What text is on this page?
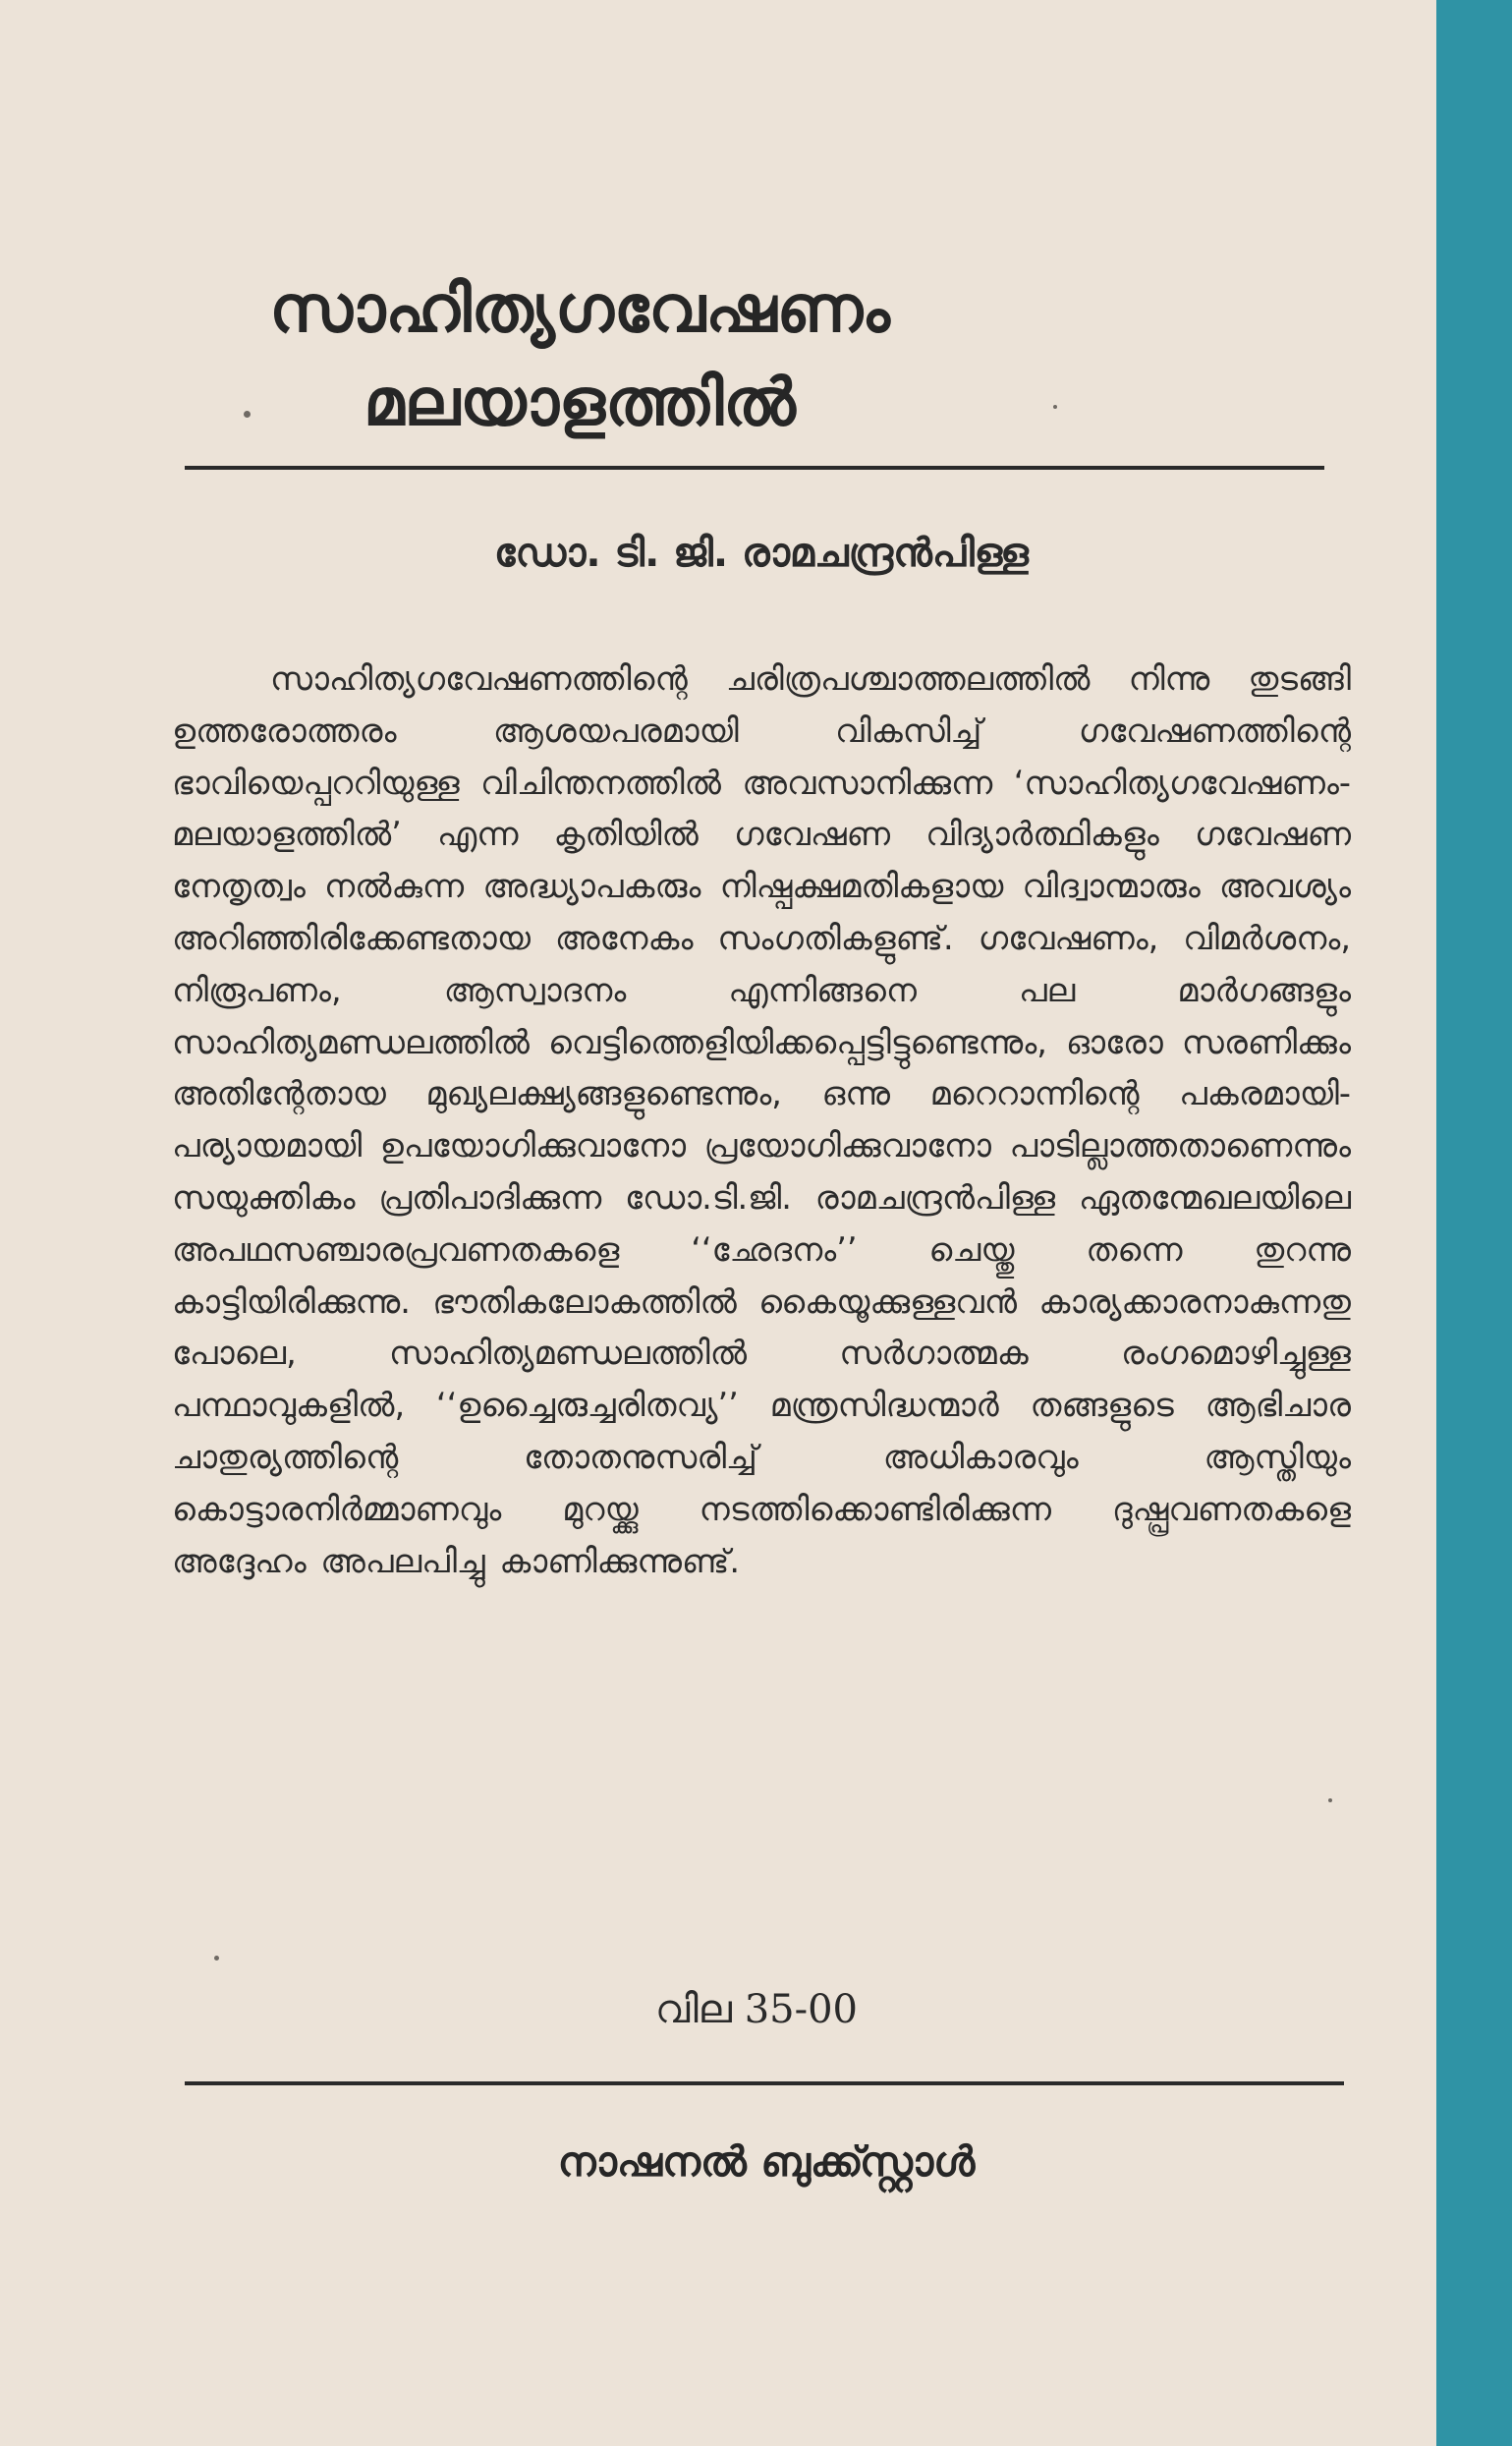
സാഹിത്യഗവേഷണം
മലയാളത്തിൽ
ഡോ. ടി. ജി. രാമചന്ദ്രൻപിള്ള

സാഹിത്യഗവേഷണത്തിന്റെ ചരിത്രപശ്ചാത്തലത്തിൽ നിന്നു തുടങ്ങി ഉത്തരോത്തരം ആശയപരമായി വികസിച്ച് ഗവേഷണത്തിന്റെ ഭാവിയെപ്പററിയുള്ള വിചിന്തനത്തിൽ അവസാനിക്കുന്ന ‘സാഹിത്യഗവേഷണം-മലയാളത്തിൽ’ എന്ന കൃതിയിൽ ഗവേഷണ വിദ്യാർത്ഥികളും ഗവേഷണ നേതൃത്വം നൽകുന്ന അദ്ധ്യാപകരും നിഷ്പക്ഷമതികളായ വിദ്വാന്മാരും അവശ്യം അറിഞ്ഞിരിക്കേണ്ടതായ അനേകം സംഗതികളുണ്ട്. ഗവേഷണം, വിമർശനം, നിരൂപണം, ആസ്വാദനം എന്നിങ്ങനെ പല മാർഗങ്ങളും സാഹിത്യമണ്ഡലത്തിൽ വെട്ടിത്തെളിയിക്കപ്പെട്ടിട്ടുണ്ടെന്നും, ഓരോ സരണിക്കും അതിന്റേതായ മുഖ്യലക്ഷ്യങ്ങളുണ്ടെന്നും, ഒന്നു മറെറാന്നിന്റെ പകരമായി-പര്യായമായി ഉപയോഗിക്കുവാനോ പ്രയോഗിക്കുവാനോ പാടില്ലാത്തതാണെന്നും സയുക്തികം പ്രതിപാദിക്കുന്ന ഡോ.ടി.ജി. രാമചന്ദ്രൻപിള്ള ഏതന്മേഖലയിലെ അപഥസഞ്ചാരപ്രവണതകളെ ‘‘ഛേദനം’’ ചെയ്തു തന്നെ തുറന്നു കാട്ടിയിരിക്കുന്നു. ഭൗതികലോകത്തിൽ കൈയൂക്കുള്ളവൻ കാര്യക്കാരനാകുന്നതു പോലെ, സാഹിത്യമണ്ഡലത്തിൽ സർഗാത്മക രംഗമൊഴിച്ചുള്ള പന്ഥാവുകളിൽ, ‘‘ഉച്ചൈരുച്ചരിതവ്യ’’ മന്ത്രസിദ്ധന്മാർ തങ്ങളുടെ ആഭിചാര ചാതുര്യത്തിന്റെ തോതനുസരിച്ച് അധികാരവും ആസ്തിയും കൊട്ടാരനിർമ്മാണവും മുറയ്ക്കു നടത്തിക്കൊണ്ടിരിക്കുന്ന ദുഷ്പ്രവണതകളെ അദ്ദേഹം അപലപിച്ചു കാണിക്കുന്നുണ്ട്.

വില 35-00
നാഷനൽ ബുക്ക്സ്റ്റാൾ
